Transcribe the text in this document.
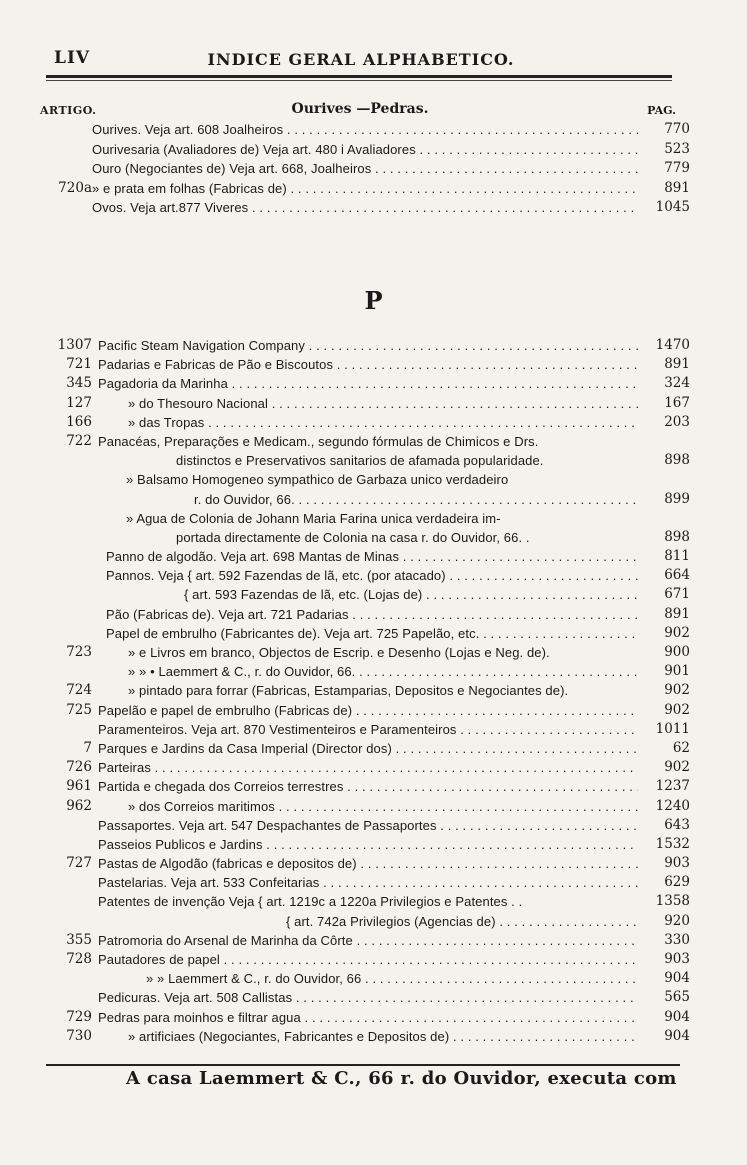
LIV	INDICE GERAL ALPHABETICO.
ARTIGO.	Ourives —Pedras.	PAG.
Ourives. Veja art. 608 Joalheiros . . .	770
Ourivesaria (Avaliadores de) Veja art. 480 i Avaliadores . . .	523
Ouro (Negociantes de) Veja art. 668, Joalheiros . . .	779
720a » e prata em folhas (Fabricas de) . . .	891
Ovos. Veja art.877 Viveres . . .	1045
P
1307 Pacific Steam Navigation Company . . .	1470
721 Padarias e Fabricas de Pão e Biscoutos . . .	891
345 Pagadoria da Marinha . . .	324
127	» do Thesouro Nacional . . .	167
166	» das Tropas . . .	203
722 Panacéas, Preparações e Medicam., segundo fórmulas de Chimicos e Drs.
distinctos e Preservativos sanitarios de afamada popularidade.	898
» Balsamo Homogeneo sympathico de Garbaza unico verdadeiro
r. do Ouvidor, 66. . . .	899
» Agua de Colonia de Johann Maria Farina unica verdadeira im-
portada directamente de Colonia na casa r. do Ouvidor, 66. .	898
Panno de algodão. Veja art. 698 Mantas de Minas . . .	811
Pannos. Veja { art. 592 Fazendas de lã, etc. (por atacado) . . .	664
{ art. 593 Fazendas de lã, etc. (Lojas de) . . .	671
Pão (Fabricas de). Veja art. 721 Padarias . . .	891
Papel de embrulho (Fabricantes de). Veja art. 725 Papelão, etc. . . .	902
723	» e Livros em branco, Objectos de Escrip. e Desenho (Lojas e Neg. de).	900
» » • Laemmert & C., r. do Ouvidor, 66. . . .	901
724	» pintado para forrar (Fabricas, Estamparias, Depositos e Negociantes de).	902
725 Papelão e papel de embrulho (Fabricas de) . . .	902
Paramenteiros. Veja art. 870 Vestimenteiros e Paramenteiros . . .	1011
7 Parques e Jardins da Casa Imperial (Director dos) . . .	62
726 Parteiras . . .	902
961 Partida e chegada dos Correios terrestres . . .	1237
962	» dos Correios maritimos . . .	1240
Passaportes. Veja art. 547 Despachantes de Passaportes . . .	643
Passeios Publicos e Jardins . . .	1532
727 Pastas de Algodão (fabricas e depositos de) . . .	903
Pastelarias. Veja art. 533 Confeitarias . . .	629
Patentes de invenção Veja { art. 1219c a 1220a Privilegios e Patentes . .	1358
{ art. 742a Privilegios (Agencias de) . . .	920
355 Patromoria do Arsenal de Marinha da Côrte . . .	330
728 Pautadores de papel . . .	903
» » Laemmert & C., r. do Ouvidor, 66 . . .	904
Pedicuras. Veja art. 508 Callistas . . .	565
729 Pedras para moinhos e filtrar agua . . .	904
730	» artificiaes (Negociantes, Fabricantes e Depositos de) . . .	904
A casa Laemmert & C., 66 r. do Ouvidor, executa com
